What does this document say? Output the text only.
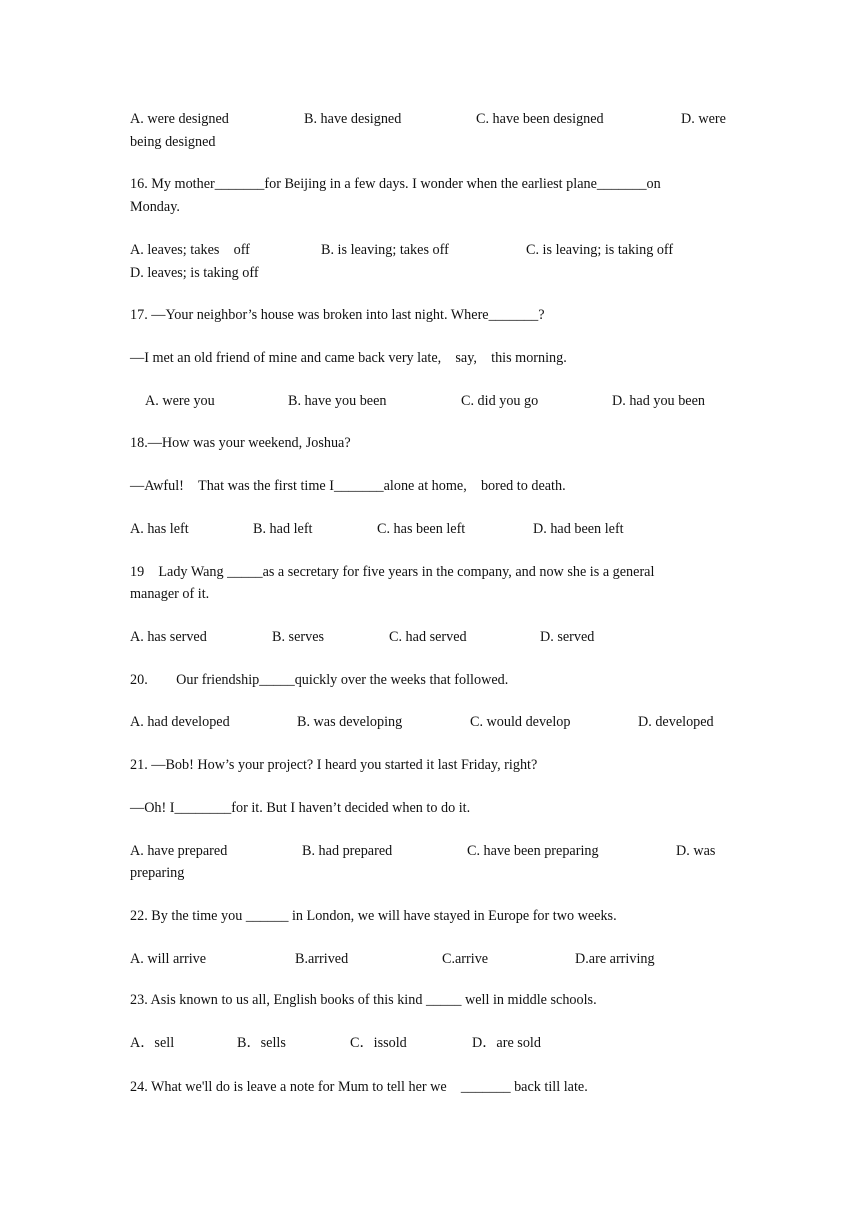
A. were designed	B. have designed	C. have been designed	D. were
being designed
16. My mother_______for Beijing in a few days. I wonder when the earliest plane_______on
Monday.
A. leaves; takes　off	B. is leaving; takes off	C. is leaving; is taking off
D. leaves; is taking off
17. —Your neighbor’s house was broken into last night. Where_______?
—I met an old friend of mine and came back very late,　say,　this morning.
A. were you	B. have you been	C. did you go	D. had you been
18.—How was your weekend, Joshua?
—Awful!　That was the first time I_______alone at home,　bored to death.
A. has left	B. had left	C. has been left	D. had been left
19　Lady Wang _____as a secretary for five years in the company, and now she is a general
manager of it.
A. has served	B. serves	C. had served	D. served
20.　　Our friendship_____quickly over the weeks that followed.
A. had developed	B. was developing	C. would develop	D. developed
21. —Bob! How’s your project? I heard you started it last Friday, right?
—Oh! I________for it. But I haven’t decided when to do it.
A. have prepared	B. had prepared	C. have been preparing	D. was
preparing
22. By the time you ______ in London, we will have stayed in Europe for two weeks.
A. will arrive	B.arrived	C.arrive	D.are arriving
23. Asis known to us all, English books of this kind _____ well in middle schools.
A．sell	B．sells	C．issold	D．are sold
24. What we'll do is leave a note for Mum to tell her we　_______ back till late.
